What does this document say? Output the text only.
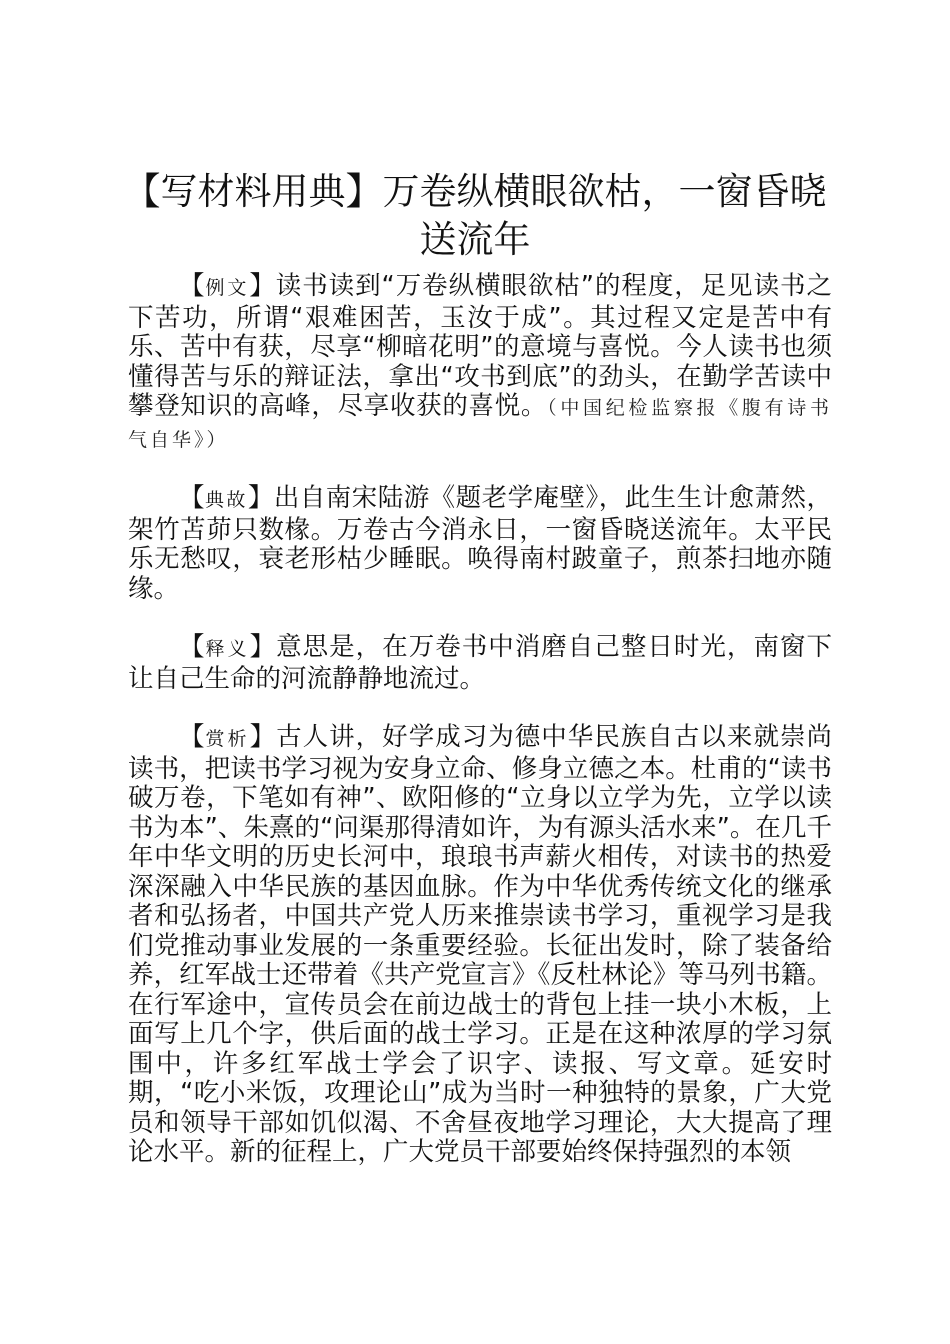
【写材料用典】万卷纵横眼欲枯，一窗昏晓送流年

【例文】读书读到“万卷纵横眼欲枯”的程度，足见读书之下苦功，所谓“艰难困苦，玉汝于成”。其过程又定是苦中有乐、苦中有获，尽享“柳暗花明”的意境与喜悦。今人读书也须懂得苦与乐的辩证法，拿出“攻书到底”的劲头，在勤学苦读中攀登知识的高峰，尽享收获的喜悦。（中国纪检监察报《腹有诗书气自华》）

【典故】出自南宋陆游《题老学庵壁》，此生生计愈萧然，架竹苫茆只数椽。万卷古今消永日，一窗昏晓送流年。太平民乐无愁叹，衰老形枯少睡眠。唤得南村跛童子，煎茶扫地亦随缘。

【释义】意思是，在万卷书中消磨自己整日时光，南窗下让自己生命的河流静静地流过。

【赏析】古人讲，好学成习为德中华民族自古以来就崇尚读书，把读书学习视为安身立命、修身立德之本。杜甫的“读书破万卷，下笔如有神”、欧阳修的“立身以立学为先，立学以读书为本”、朱熹的“问渠那得清如许，为有源头活水来”。在几千年中华文明的历史长河中，琅琅书声薪火相传，对读书的热爱深深融入中华民族的基因血脉。作为中华优秀传统文化的继承者和弘扬者，中国共产党人历来推崇读书学习，重视学习是我们党推动事业发展的一条重要经验。长征出发时，除了装备给养，红军战士还带着《共产党宣言》《反杜林论》等马列书籍。在行军途中，宣传员会在前边战士的背包上挂一块小木板，上面写上几个字，供后面的战士学习。正是在这种浓厚的学习氛围中，许多红军战士学会了识字、读报、写文章。延安时期，“吃小米饭，攻理论山”成为当时一种独特的景象，广大党员和领导干部如饥似渴、不舍昼夜地学习理论，大大提高了理论水平。新的征程上，广大党员干部要始终保持强烈的本领
